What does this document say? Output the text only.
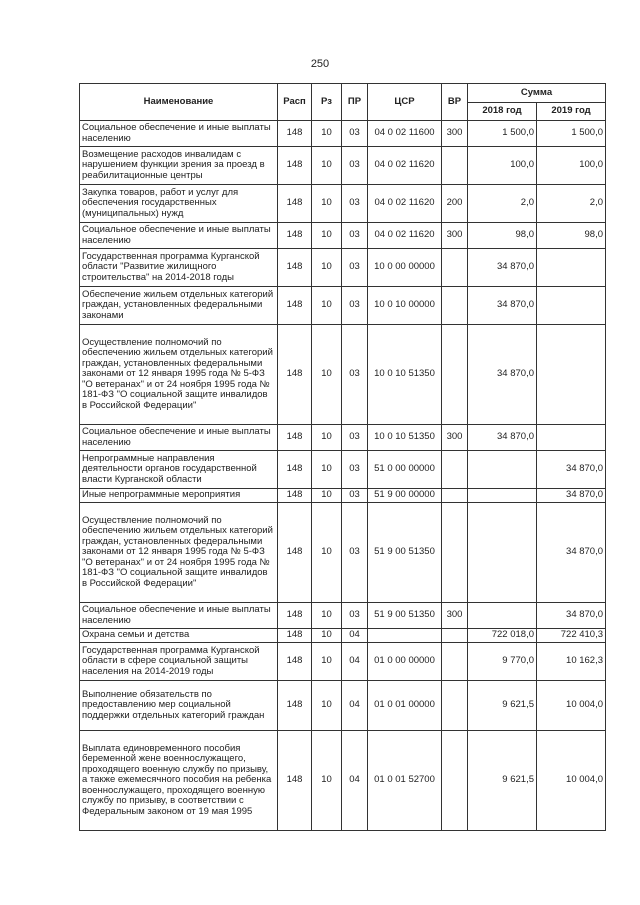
250
Наименование	Расп	Рз	ПР	ЦСР	ВР	Сумма	
						2018 год	2019 год
Социальное обеспечение и иные выплаты населению	148	10	03	04 0 02 11600	300	1 500,0	1 500,0
Возмещение расходов инвалидам с нарушением функции зрения за проезд в реабилитационные центры	148	10	03	04 0 02 11620		100,0	100,0
Закупка товаров, работ и услуг для обеспечения государственных (муниципальных) нужд	148	10	03	04 0 02 11620	200	2,0	2,0
Социальное обеспечение и иные выплаты населению	148	10	03	04 0 02 11620	300	98,0	98,0
Государственная программа Курганской области "Развитие жилищного строительства" на 2014-2018 годы	148	10	03	10 0 00 00000		34 870,0	
Обеспечение жильем отдельных категорий граждан, установленных федеральными законами	148	10	03	10 0 10 00000		34 870,0	
Осуществление полномочий по обеспечению жильем отдельных категорий граждан, установленных федеральными законами от 12 января 1995 года № 5-ФЗ "О ветеранах" и от 24 ноября 1995 года № 181-ФЗ "О социальной защите инвалидов в Российской Федерации"	148	10	03	10 0 10 51350		34 870,0	
Социальное обеспечение и иные выплаты населению	148	10	03	10 0 10 51350	300	34 870,0	
Непрограммные направления деятельности органов государственной власти Курганской области	148	10	03	51 0 00 00000			34 870,0
Иные непрограммные мероприятия	148	10	03	51 9 00 00000			34 870,0
Осуществление полномочий по обеспечению жильем отдельных категорий граждан, установленных федеральными законами от 12 января 1995 года № 5-ФЗ "О ветеранах" и от 24 ноября 1995 года № 181-ФЗ "О социальной защите инвалидов в Российской Федерации"	148	10	03	51 9 00 51350			34 870,0
Социальное обеспечение и иные выплаты населению	148	10	03	51 9 00 51350	300		34 870,0
Охрана семьи и детства	148	10	04			722 018,0	722 410,3
Государственная программа Курганской области в сфере социальной защиты населения на 2014-2019 годы	148	10	04	01 0 00 00000		9 770,0	10 162,3
Выполнение обязательств по предоставлению мер социальной поддержки отдельных категорий граждан	148	10	04	01 0 01 00000		9 621,5	10 004,0
Выплата единовременного пособия беременной жене военнослужащего, проходящего военную службу по призыву, а также ежемесячного пособия на ребенка военнослужащего, проходящего военную службу по призыву, в соответствии с Федеральным законом от 19 мая 1995	148	10	04	01 0 01 52700		9 621,5	10 004,0
